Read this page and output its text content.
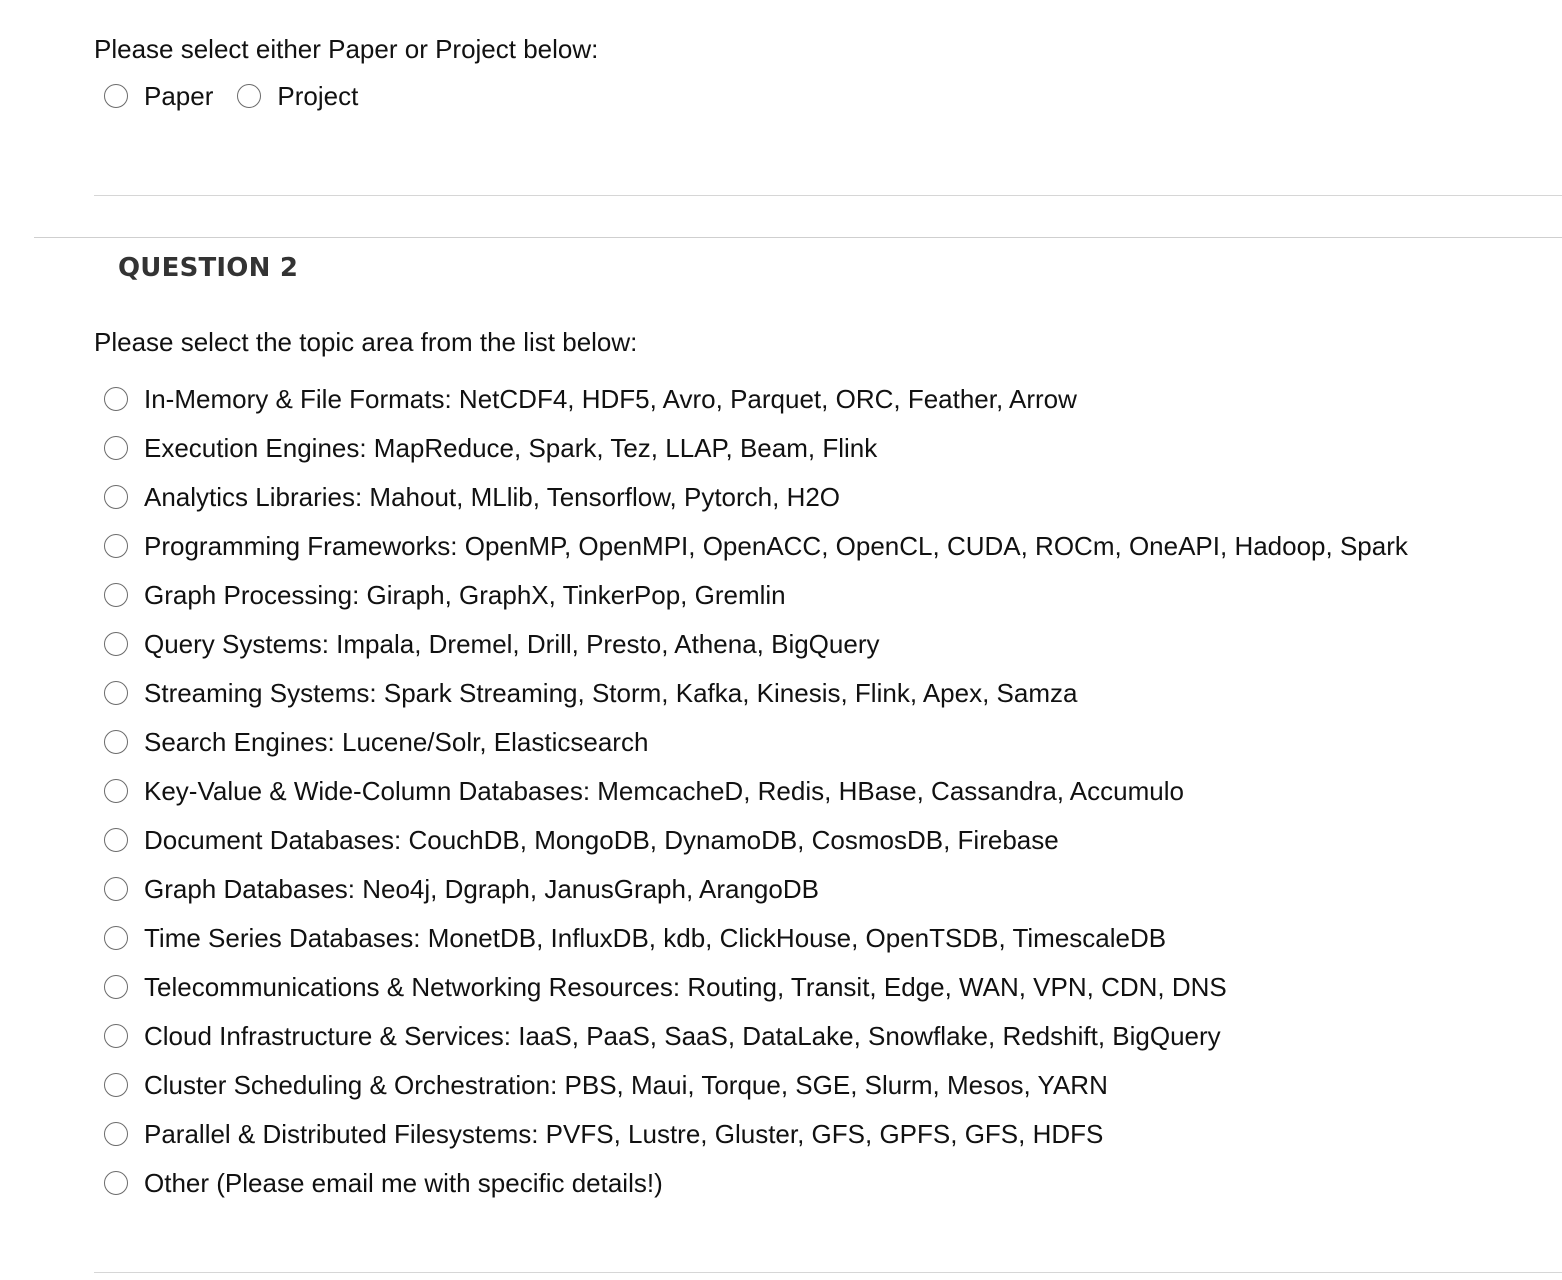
Please select either Paper or Project below:

Paper Project
QUESTION 2

Please select the topic area from the list below:

In-Memory & File Formats: NetCDF4, HDF5, Avro, Parquet, ORC, Feather, Arrow
Execution Engines: MapReduce, Spark, Tez, LLAP, Beam, Flink
Analytics Libraries: Mahout, MLlib, Tensorflow, Pytorch, H2O
Programming Frameworks: OpenMP, OpenMPI, OpenACC, OpenCL, CUDA, ROCm, OneAPI, Hadoop, Spark
Graph Processing: Giraph, GraphX, TinkerPop, Gremlin
Query Systems: Impala, Dremel, Drill, Presto, Athena, BigQuery
Streaming Systems: Spark Streaming, Storm, Kafka, Kinesis, Flink, Apex, Samza
Search Engines: Lucene/Solr, Elasticsearch
Key-Value & Wide-Column Databases: MemcacheD, Redis, HBase, Cassandra, Accumulo
Document Databases: CouchDB, MongoDB, DynamoDB, CosmosDB, Firebase
Graph Databases: Neo4j, Dgraph, JanusGraph, ArangoDB
Time Series Databases: MonetDB, InfluxDB, kdb, ClickHouse, OpenTSDB, TimescaleDB
Telecommunications & Networking Resources: Routing, Transit, Edge, WAN, VPN, CDN, DNS
Cloud Infrastructure & Services: IaaS, PaaS, SaaS, DataLake, Snowflake, Redshift, BigQuery
Cluster Scheduling & Orchestration: PBS, Maui, Torque, SGE, Slurm, Mesos, YARN
Parallel & Distributed Filesystems: PVFS, Lustre, Gluster, GFS, GPFS, GFS, HDFS
Other (Please email me with specific details!)
